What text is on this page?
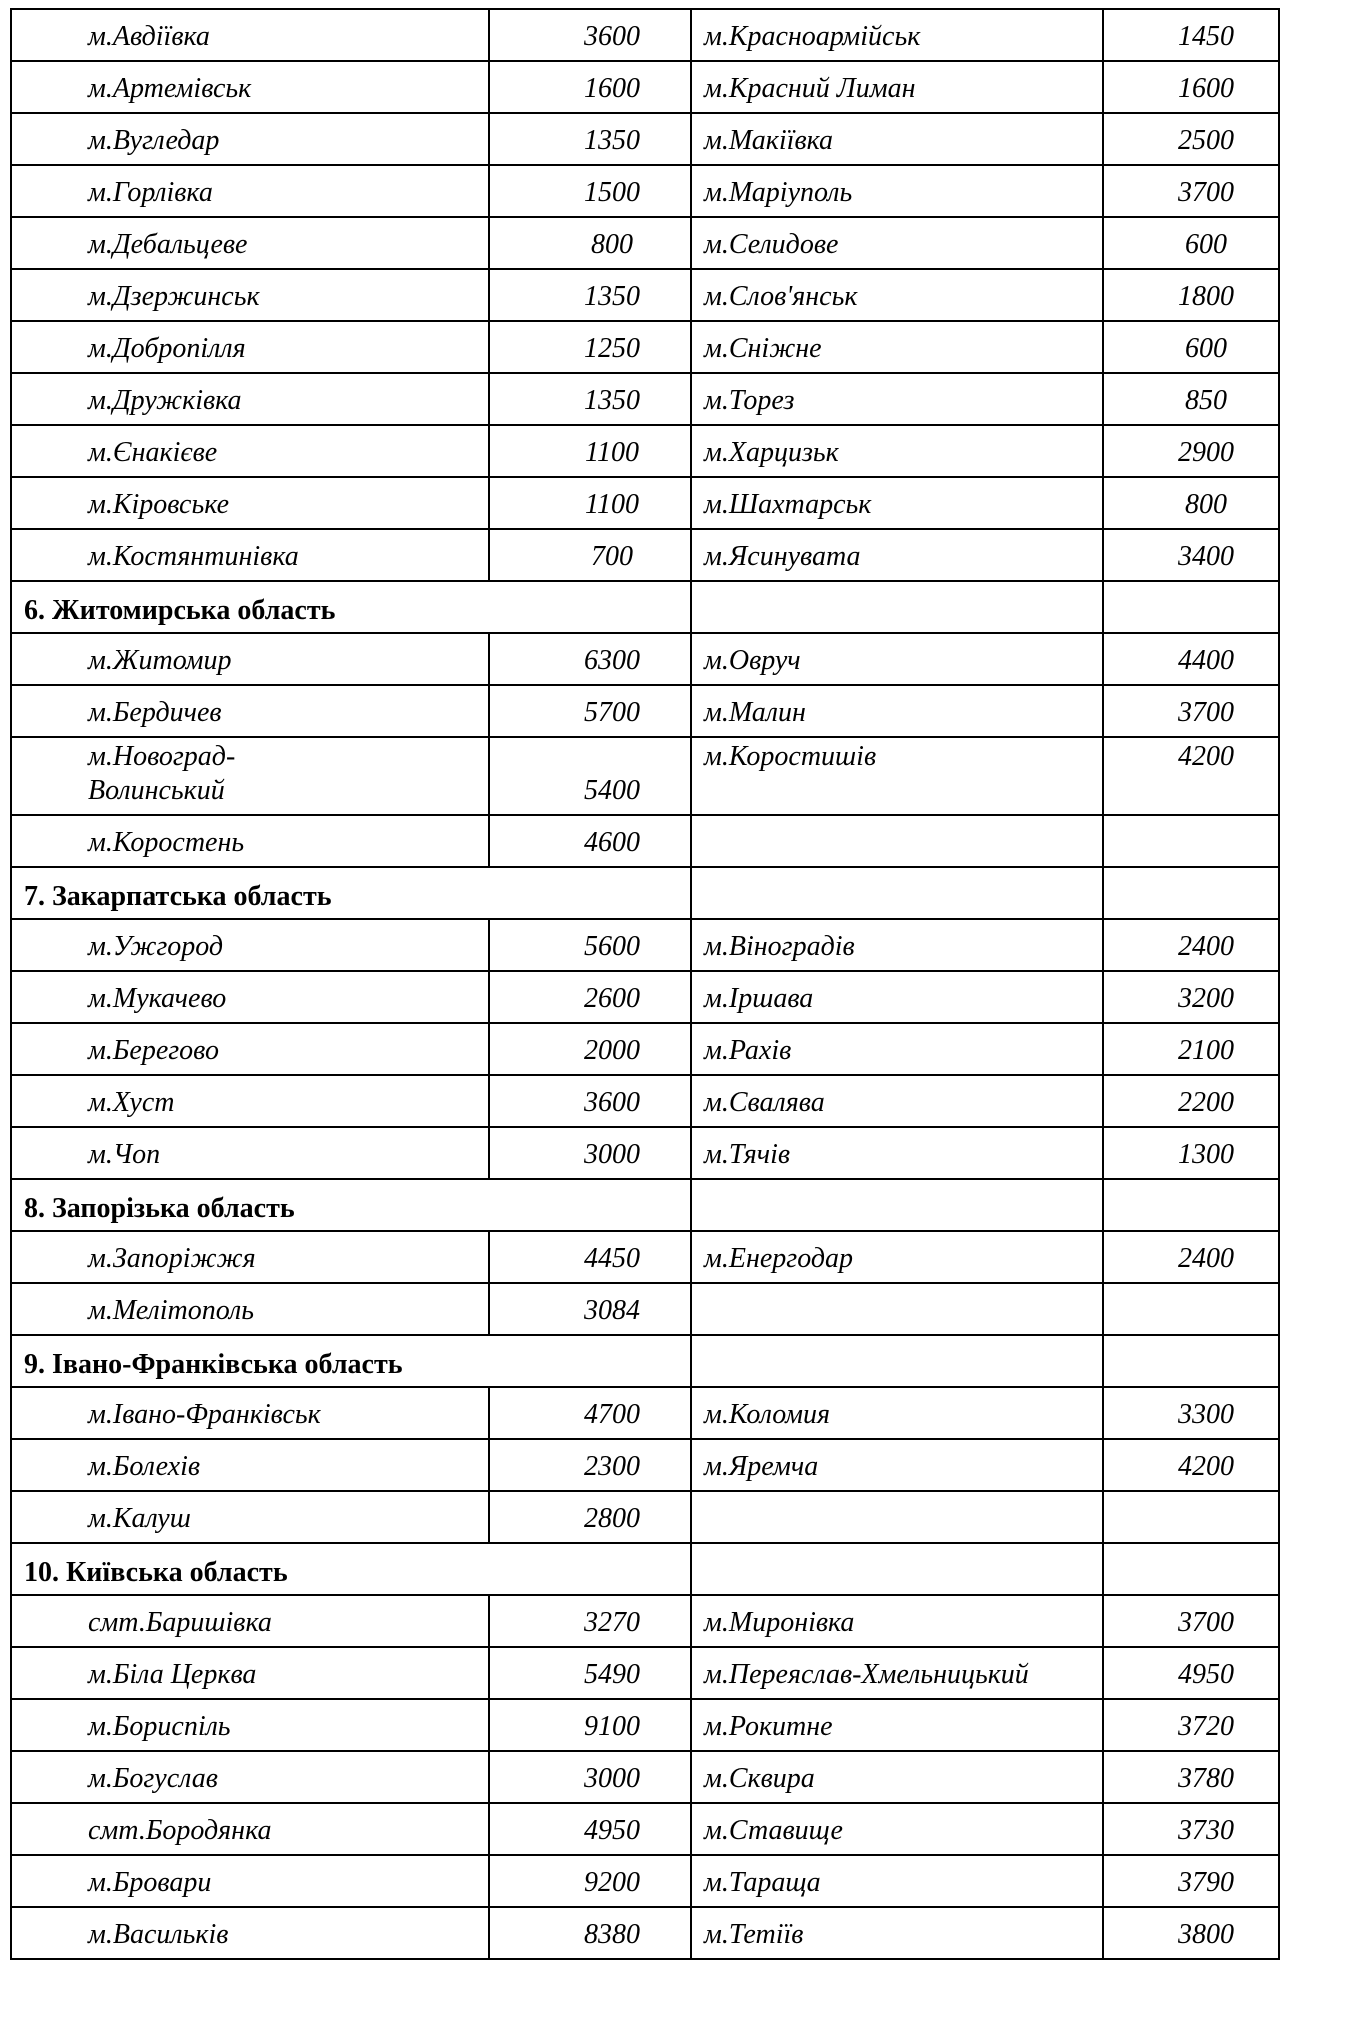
м.Авдіївка	3600	м.Красноармійськ	1450
м.Артемівськ	1600	м.Красний Лиман	1600
м.Вугледар	1350	м.Макіївка	2500
м.Горлівка	1500	м.Маріуполь	3700
м.Дебальцеве	800	м.Селидове	600
м.Дзержинськ	1350	м.Слов'янськ	1800
м.Добропілля	1250	м.Сніжне	600
м.Дружківка	1350	м.Торез	850
м.Єнакієве	1100	м.Харцизьк	2900
м.Кіровське	1100	м.Шахтарськ	800
м.Костянтинівка	700	м.Ясинувата	3400
6. Житомирська область			
м.Житомир	6300	м.Овруч	4400
м.Бердичев	5700	м.Малин	3700
м.Новоград-
Волинський	5400	м.Коростишів	4200
м.Коростень	4600		
7. Закарпатська область			
м.Ужгород	5600	м.Віноградів	2400
м.Мукачево	2600	м.Іршава	3200
м.Берегово	2000	м.Рахів	2100
м.Хуст	3600	м.Свалява	2200
м.Чоп	3000	м.Тячів	1300
8. Запорізька область			
м.Запоріжжя	4450	м.Енергодар	2400
м.Мелітополь	3084		
9. Івано-Франківська область			
м.Івано-Франківськ	4700	м.Коломия	3300
м.Болехів	2300	м.Яремча	4200
м.Калуш	2800		
10. Київська область			
смт.Баришівка	3270	м.Миронівка	3700
м.Біла Церква	5490	м.Переяслав-Хмельницький	4950
м.Бориспіль	9100	м.Рокитне	3720
м.Богуслав	3000	м.Сквира	3780
смт.Бородянка	4950	м.Ставище	3730
м.Бровари	9200	м.Таращa	3790
м.Васильків	8380	м.Тетіїв	3800
